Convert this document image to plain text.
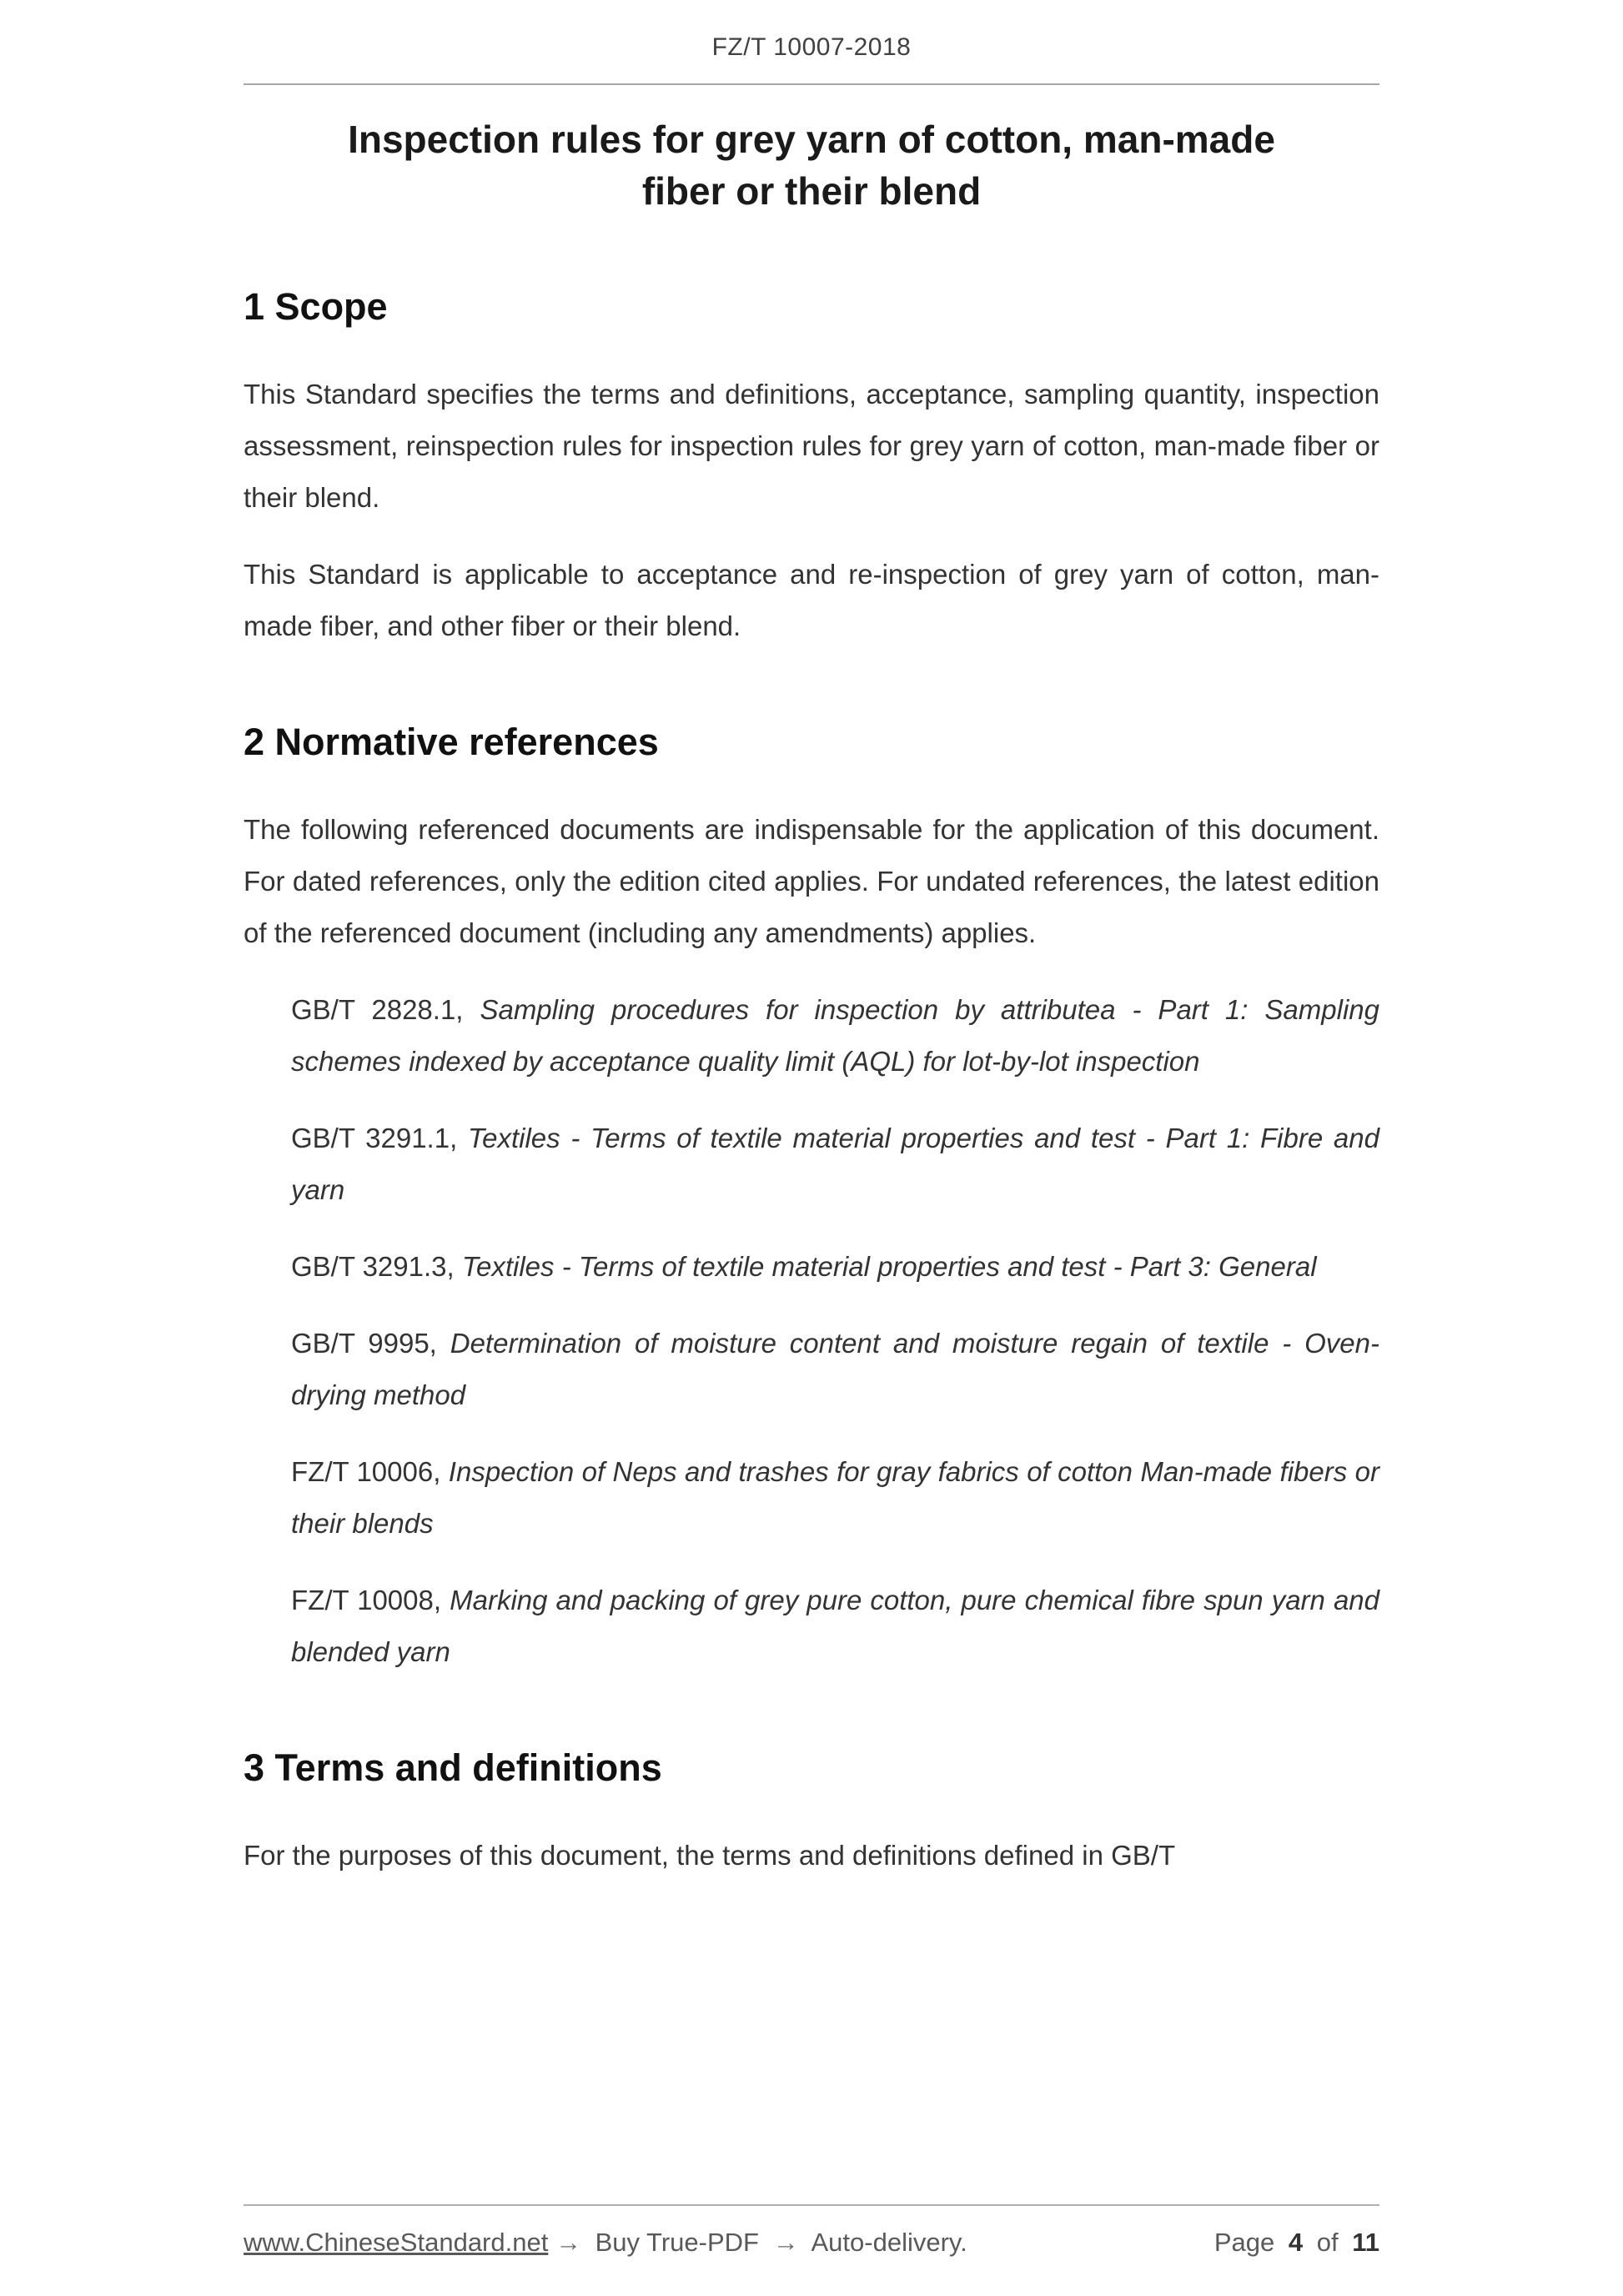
FZ/T 10007-2018
Inspection rules for grey yarn of cotton, man-made
fiber or their blend
1 Scope

This Standard specifies the terms and definitions, acceptance, sampling quantity, inspection assessment, reinspection rules for inspection rules for grey yarn of cotton, man-made fiber or their blend.

This Standard is applicable to acceptance and re-inspection of grey yarn of cotton, man-made fiber, and other fiber or their blend.

2 Normative references

The following referenced documents are indispensable for the application of this document. For dated references, only the edition cited applies. For undated references, the latest edition of the referenced document (including any amendments) applies.

GB/T 2828.1, Sampling procedures for inspection by attributea - Part 1: Sampling schemes indexed by acceptance quality limit (AQL) for lot-by-lot inspection

GB/T 3291.1, Textiles - Terms of textile material properties and test - Part 1: Fibre and yarn

GB/T 3291.3, Textiles - Terms of textile material properties and test - Part 3: General

GB/T 9995, Determination of moisture content and moisture regain of textile - Oven-drying method

FZ/T 10006, Inspection of Neps and trashes for gray fabrics of cotton Man-made fibers or their blends

FZ/T 10008, Marking and packing of grey pure cotton, pure chemical fibre spun yarn and blended yarn

3 Terms and definitions

For the purposes of this document, the terms and definitions defined in GB/T

www.ChineseStandard.net → Buy True-PDF → Auto-delivery.	Page 4 of 11
